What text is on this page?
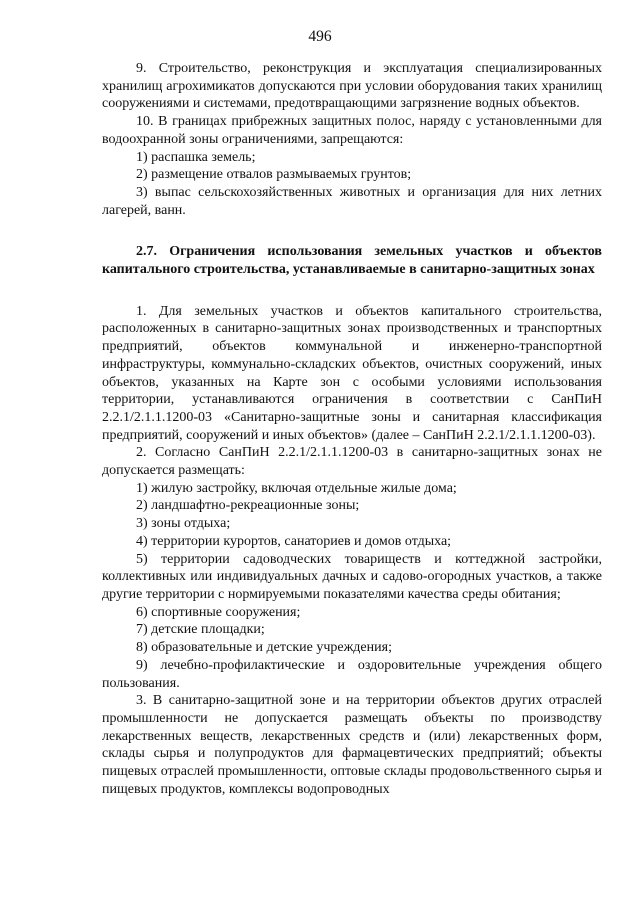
496

9. Строительство, реконструкция и эксплуатация специализированных хранилищ агрохимикатов допускаются при условии оборудования таких хранилищ сооружениями и системами, предотвращающими загрязнение водных объектов.

10. В границах прибрежных защитных полос, наряду с установленными для водоохранной зоны ограничениями, запрещаются:

1) распашка земель;

2) размещение отвалов размываемых грунтов;

3) выпас сельскохозяйственных животных и организация для них летних лагерей, ванн.

2.7. Ограничения использования земельных участков и объектов капитального строительства, устанавливаемые в санитарно-защитных зонах

1. Для земельных участков и объектов капитального строительства, расположенных в санитарно-защитных зонах производственных и транспортных предприятий, объектов коммунальной и инженерно-транспортной инфраструктуры, коммунально-складских объектов, очистных сооружений, иных объектов, указанных на Карте зон с особыми условиями использования территории, устанавливаются ограничения в соответствии с СанПиН 2.2.1/2.1.1.1200-03 «Санитарно-защитные зоны и санитарная классификация предприятий, сооружений и иных объектов» (далее – СанПиН 2.2.1/2.1.1.1200-03).

2. Согласно СанПиН 2.2.1/2.1.1.1200-03 в санитарно-защитных зонах не допускается размещать:

1) жилую застройку, включая отдельные жилые дома;

2) ландшафтно-рекреационные зоны;

3) зоны отдыха;

4) территории курортов, санаториев и домов отдыха;

5) территории садоводческих товариществ и коттеджной застройки, коллективных или индивидуальных дачных и садово-огородных участков, а также другие территории с нормируемыми показателями качества среды обитания;

6) спортивные сооружения;

7) детские площадки;

8) образовательные и детские учреждения;

9) лечебно-профилактические и оздоровительные учреждения общего пользования.

3. В санитарно-защитной зоне и на территории объектов других отраслей промышленности не допускается размещать объекты по производству лекарственных веществ, лекарственных средств и (или) лекарственных форм, склады сырья и полупродуктов для фармацевтических предприятий; объекты пищевых отраслей промышленности, оптовые склады продовольственного сырья и пищевых продуктов, комплексы водопроводных
